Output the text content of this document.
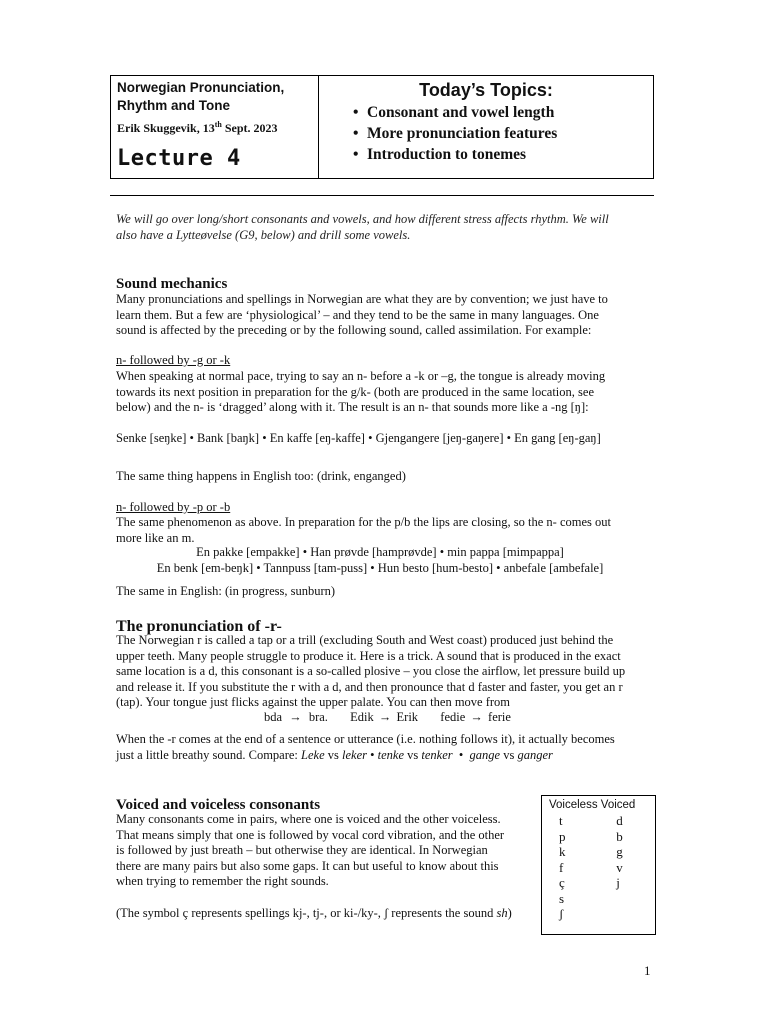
Norwegian Pronunciation,
Rhythm and Tone
Erik Skuggevik, 13th Sept. 2023
Lecture 4
Today’s Topics:
• Consonant and vowel length
• More pronunciation features
• Introduction to tonemes
We will go over long/short consonants and vowels, and how different stress affects rhythm. We will
also have a Lytteøvelse (G9, below) and drill some vowels.
Sound mechanics
Many pronunciations and spellings in Norwegian are what they are by convention; we just have to
learn them. But a few are ‘physiological’ – and they tend to be the same in many languages. One
sound is affected by the preceding or by the following sound, called assimilation. For example:
n- followed by -g or -k
When speaking at normal pace, trying to say an n- before a -k or –g, the tongue is already moving
towards its next position in preparation for the g/k- (both are produced in the same location, see
below) and the n- is ‘dragged’ along with it. The result is an n- that sounds more like a -ng [ŋ]:
Senke [seŋke] • Bank [baŋk] • En kaffe [eŋ-kaffe] • Gjengangere [jeŋ-gaŋere] • En gang [eŋ-gaŋ]
The same thing happens in English too: (drink, enganged)
n- followed by -p or -b
The same phenomenon as above. In preparation for the p/b the lips are closing, so the n- comes out
more like an m.
En pakke [empakke] • Han prøvde [hamprøvde] • min pappa [mimpappa]
En benk [em-beŋk] • Tannpuss [tam-puss] • Hun besto [hum-besto] • anbefale [ambefale]
The same in English: (in progress, sunburn)
The pronunciation of -r-
The Norwegian r is called a tap or a trill (excluding South and West coast) produced just behind the
upper teeth. Many people struggle to produce it. Here is a trick. A sound that is produced in the exact
same location is a d, this consonant is a so-called plosive – you close the airflow, let pressure build up
and release it. If you substitute the r with a d, and then pronounce that d faster and faster, you get an r
(tap). Your tongue just flicks against the upper palate. You can then move from
bda → bra. Edik → Erik fedie → ferie
When the -r comes at the end of a sentence or utterance (i.e. nothing follows it), it actually becomes
just a little breathy sound. Compare: Leke vs leker • tenke vs tenker  •  gange vs ganger
Voiced and voiceless consonants
Many consonants come in pairs, where one is voiced and the other voiceless.
That means simply that one is followed by vocal cord vibration, and the other
is followed by just breath – but otherwise they are identical. In Norwegian
there are many pairs but also some gaps. It can but useful to know about this
when trying to remember the right sounds.
(The symbol ç represents spellings kj-, tj-, or ki-/ky-, ʃ represents the sound sh)
Voiceless Voiced
t	d
p	b
k	g
f	v
ç	j
s
ʃ
1
